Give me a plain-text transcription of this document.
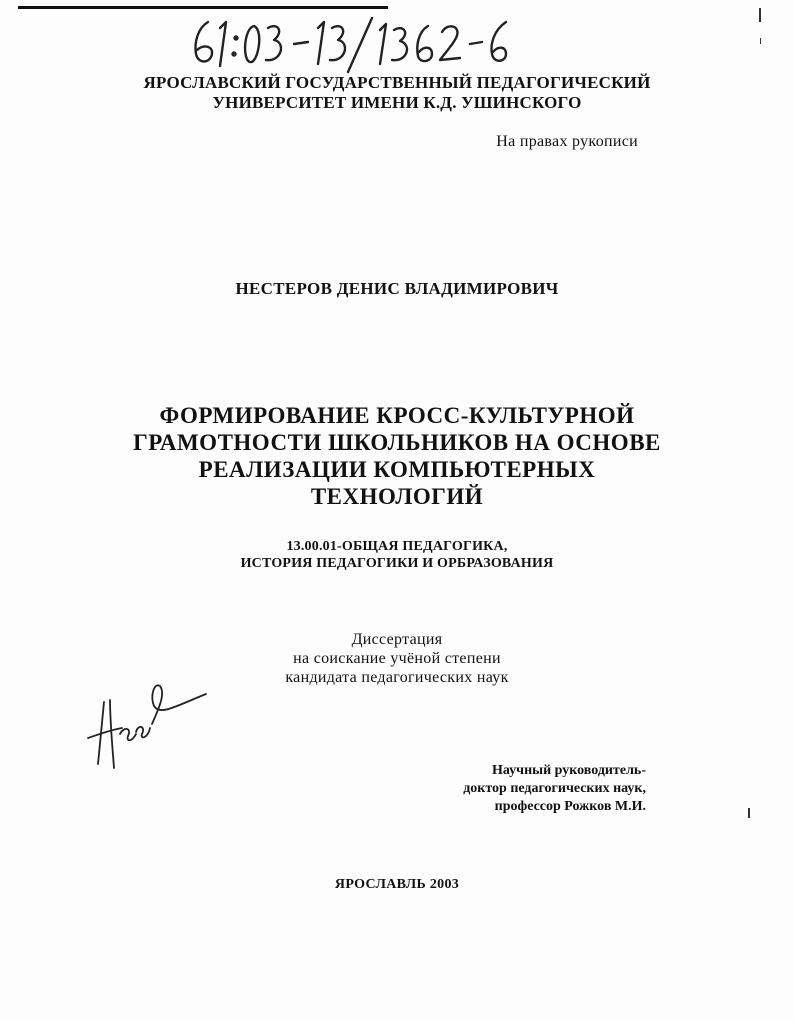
ЯРОСЛАВСКИЙ ГОСУДАРСТВЕННЫЙ ПЕДАГОГИЧЕСКИЙ
УНИВЕРСИТЕТ ИМЕНИ К.Д. УШИНСКОГО
На правах рукописи
НЕСТЕРОВ ДЕНИС ВЛАДИМИРОВИЧ
ФОРМИРОВАНИЕ КРОСС-КУЛЬТУРНОЙ
ГРАМОТНОСТИ ШКОЛЬНИКОВ НА ОСНОВЕ
РЕАЛИЗАЦИИ КОМПЬЮТЕРНЫХ
ТЕХНОЛОГИЙ
13.00.01-ОБЩАЯ ПЕДАГОГИКА,
ИСТОРИЯ ПЕДАГОГИКИ И ОРБРАЗОВАНИЯ
Диссертация
на соискание учёной степени
кандидата педагогических наук
Научный руководитель-
доктор педагогических наук,
профессор Рожков М.И.
ЯРОСЛАВЛЬ 2003
